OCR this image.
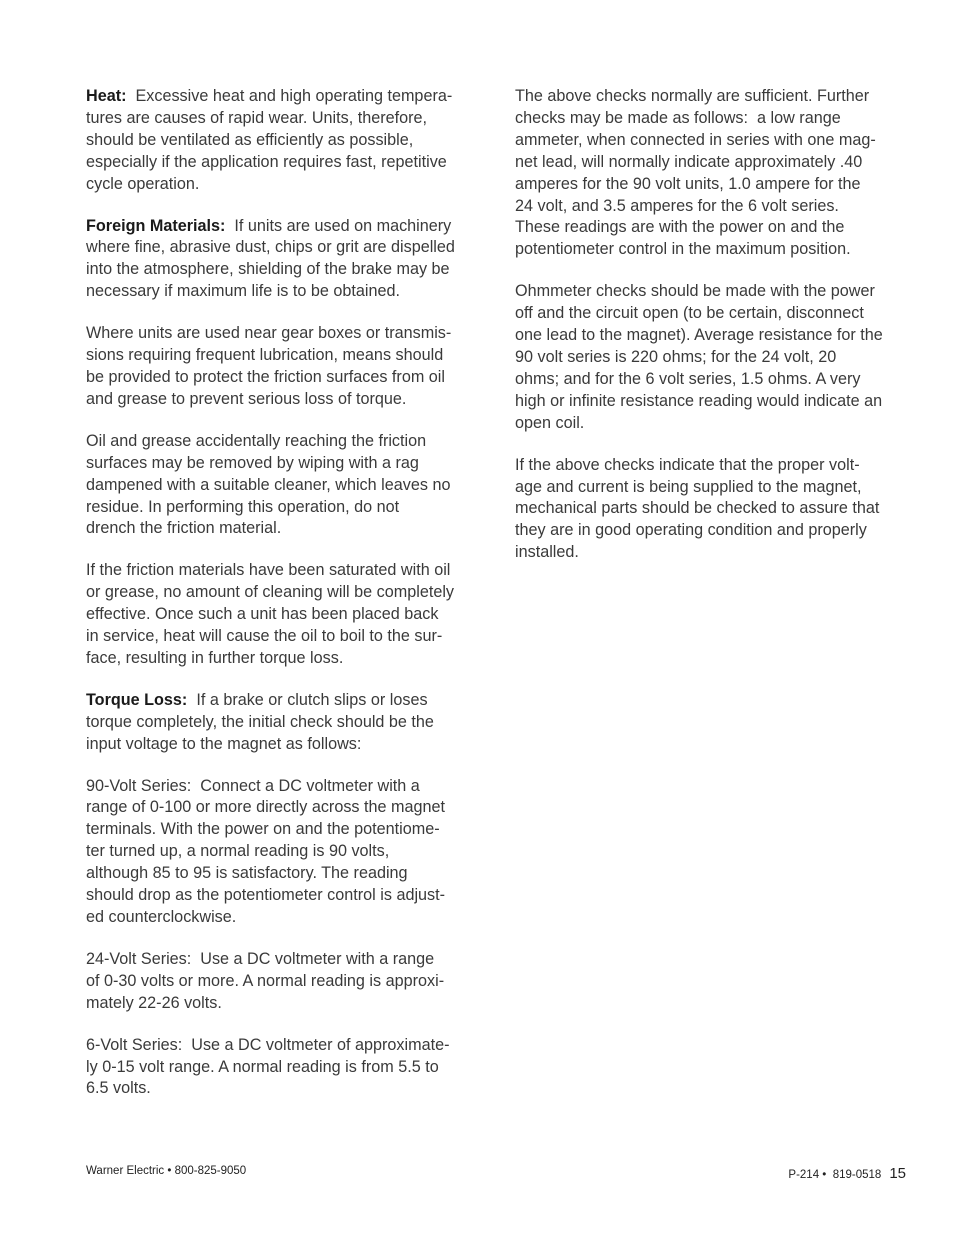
Heat:  Excessive heat and high operating tempera-
tures are causes of rapid wear. Units, therefore,
should be ventilated as efficiently as possible,
especially if the application requires fast, repetitive
cycle operation.

Foreign Materials:  If units are used on machinery
where fine, abrasive dust, chips or grit are dispelled
into the atmosphere, shielding of the brake may be
necessary if maximum life is to be obtained.

Where units are used near gear boxes or transmis-
sions requiring frequent lubrication, means should
be provided to protect the friction surfaces from oil
and grease to prevent serious loss of torque.

Oil and grease accidentally reaching the friction
surfaces may be removed by wiping with a rag
dampened with a suitable cleaner, which leaves no
residue. In performing this operation, do not
drench the friction material.

If the friction materials have been saturated with oil
or grease, no amount of cleaning will be completely
effective. Once such a unit has been placed back
in service, heat will cause the oil to boil to the sur-
face, resulting in further torque loss.

Torque Loss:  If a brake or clutch slips or loses
torque completely, the initial check should be the
input voltage to the magnet as follows:

90-Volt Series:  Connect a DC voltmeter with a
range of 0-100 or more directly across the magnet
terminals. With the power on and the potentiome-
ter turned up, a normal reading is 90 volts,
although 85 to 95 is satisfactory. The reading
should drop as the potentiometer control is adjust-
ed counterclockwise.

24-Volt Series:  Use a DC voltmeter with a range
of 0-30 volts or more. A normal reading is approxi-
mately 22-26 volts.

6-Volt Series:  Use a DC voltmeter of approximate-
ly 0-15 volt range. A normal reading is from 5.5 to
6.5 volts.

The above checks normally are sufficient. Further
checks may be made as follows:  a low range
ammeter, when connected in series with one mag-
net lead, will normally indicate approximately .40
amperes for the 90 volt units, 1.0 ampere for the
24 volt, and 3.5 amperes for the 6 volt series.
These readings are with the power on and the
potentiometer control in the maximum position.

Ohmmeter checks should be made with the power
off and the circuit open (to be certain, disconnect
one lead to the magnet). Average resistance for the
90 volt series is 220 ohms; for the 24 volt, 20
ohms; and for the 6 volt series, 1.5 ohms. A very
high or infinite resistance reading would indicate an
open coil.

If the above checks indicate that the proper volt-
age and current is being supplied to the magnet,
mechanical parts should be checked to assure that
they are in good operating condition and properly
installed.

Warner Electric • 800-825-9050	P-214 •  819-0518 15
